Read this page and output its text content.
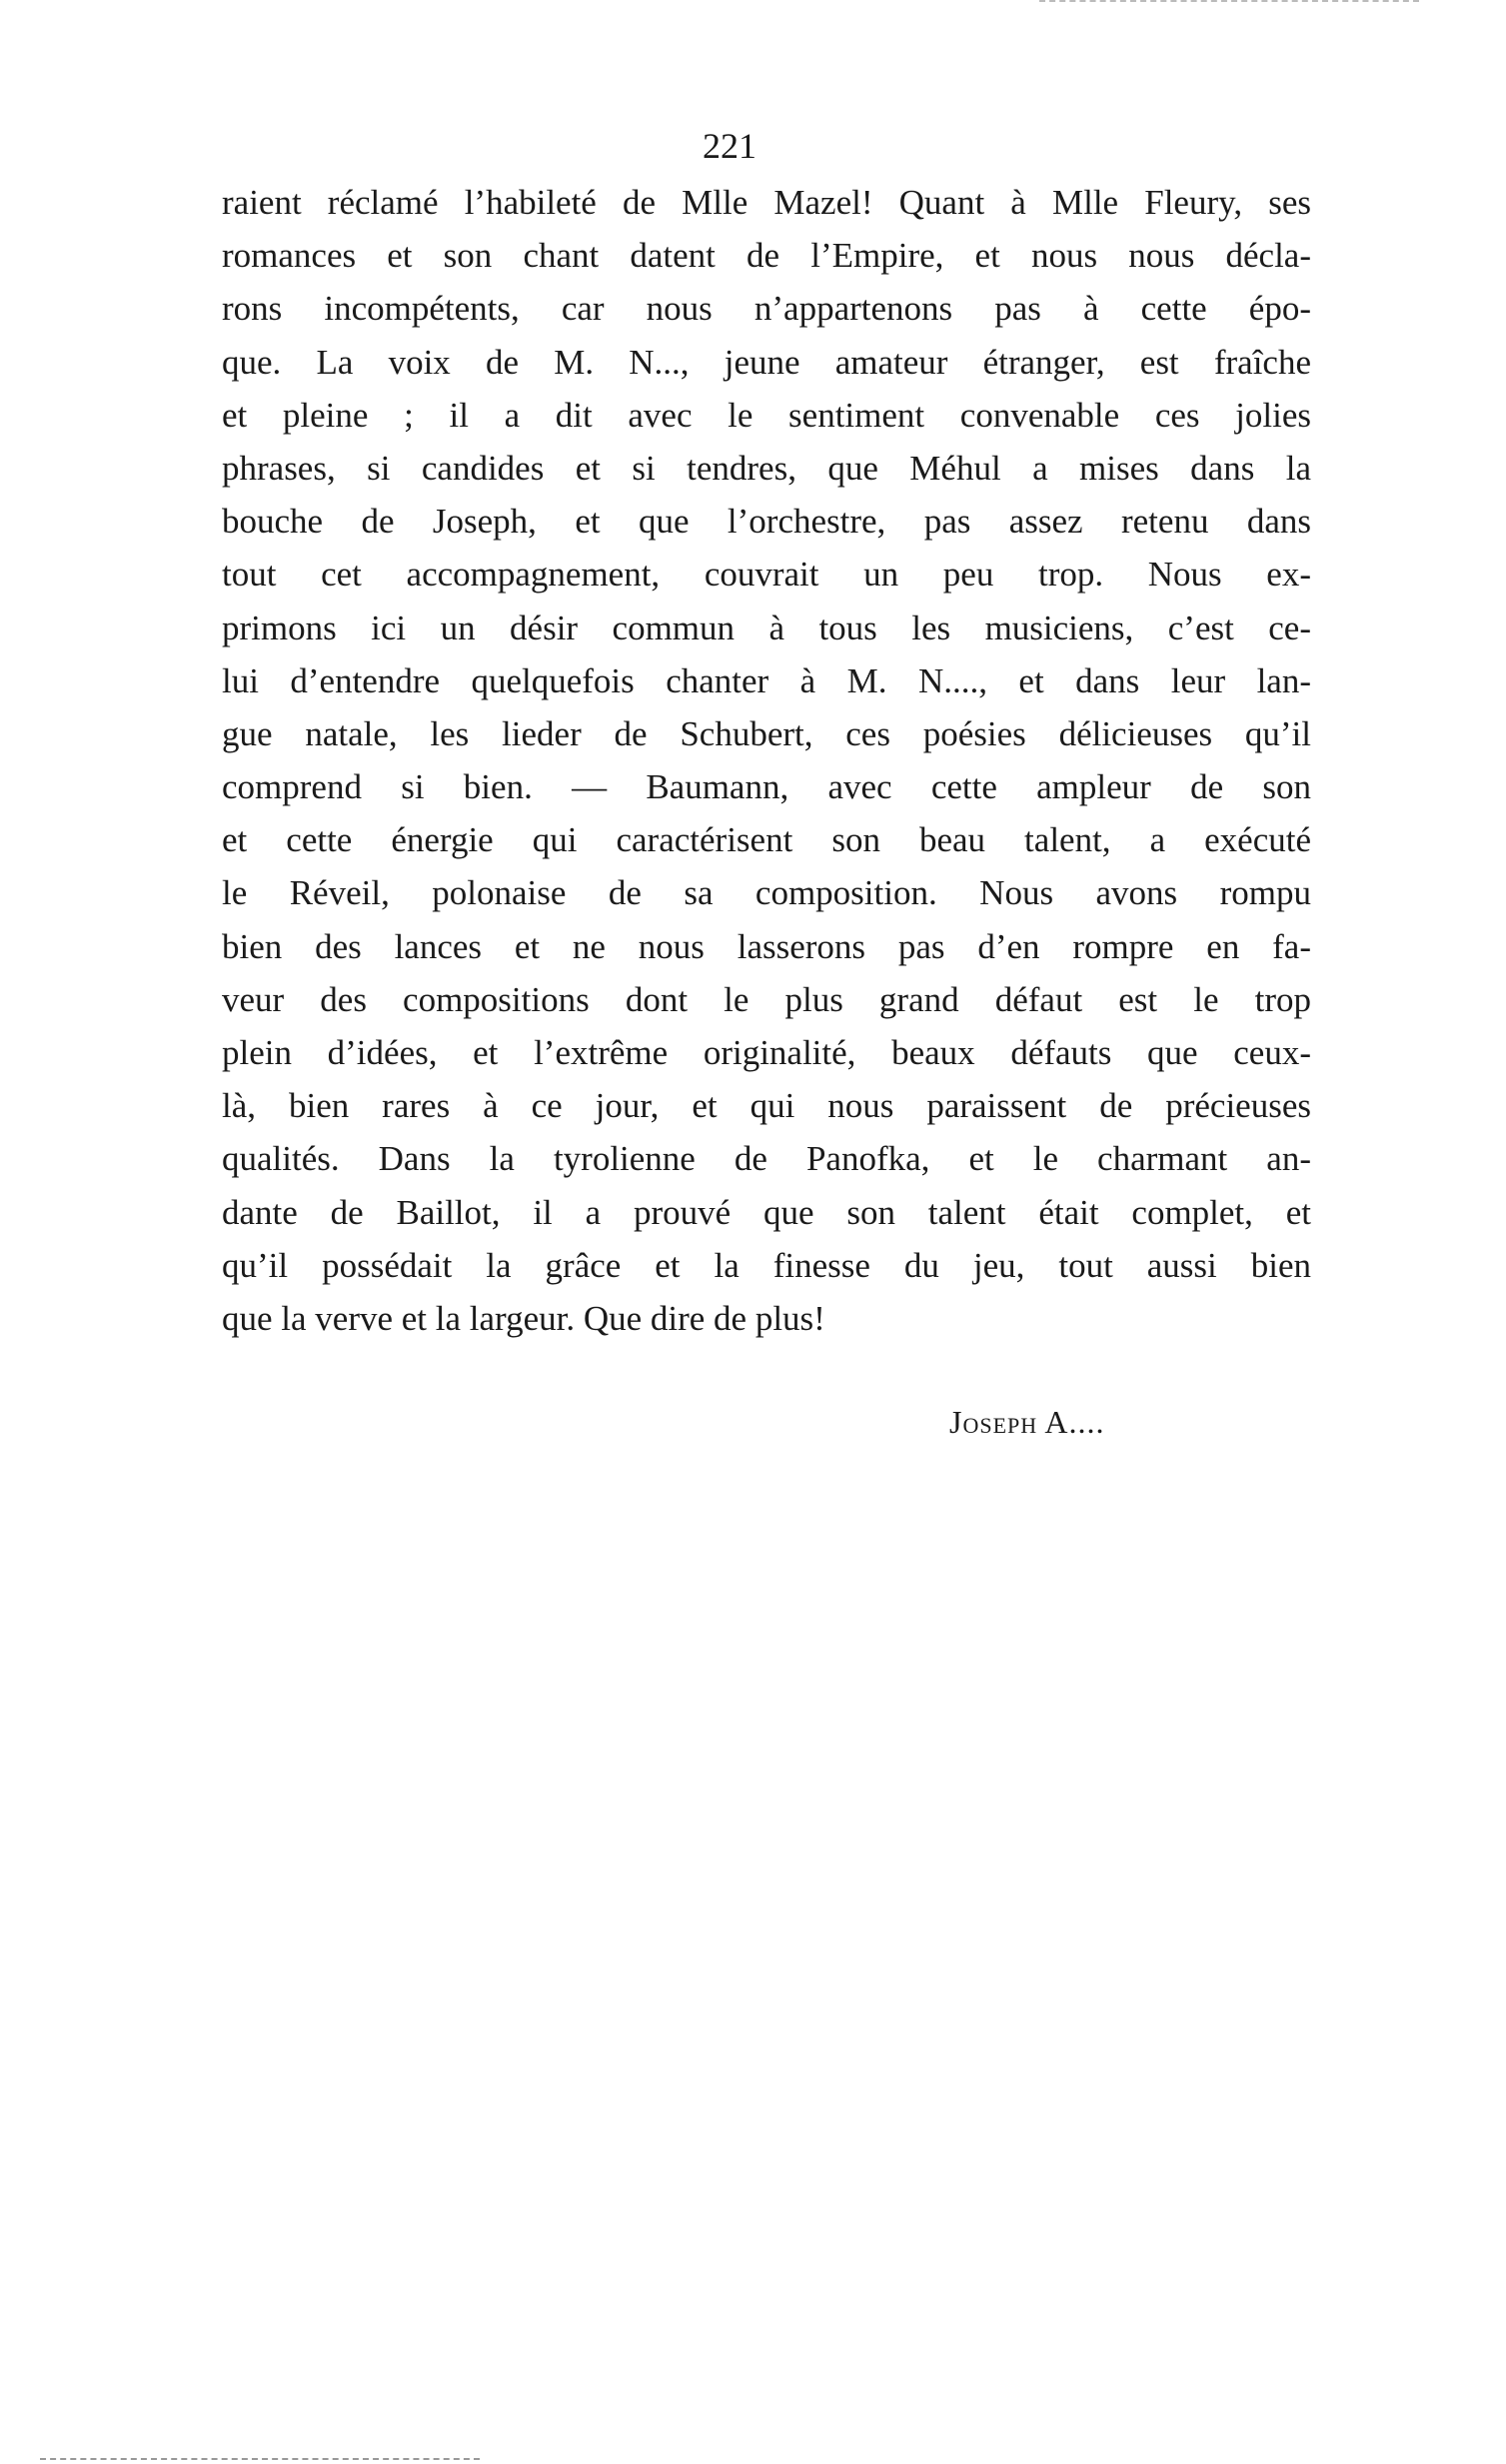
221
raient réclamé l’habileté de Mlle Mazel! Quant à Mlle Fleury, ses
romances et son chant datent de l’Empire, et nous nous décla-
rons incompétents, car nous n’appartenons pas à cette épo-
que. La voix de M. N..., jeune amateur étranger, est fraîche
et pleine ; il a dit avec le sentiment convenable ces jolies
phrases, si candides et si tendres, que Méhul a mises dans la
bouche de Joseph, et que l’orchestre, pas assez retenu dans
tout cet accompagnement, couvrait un peu trop. Nous ex-
primons ici un désir commun à tous les musiciens, c’est ce-
lui d’entendre quelquefois chanter à M. N...., et dans leur lan-
gue natale, les lieder de Schubert, ces poésies délicieuses qu’il
comprend si bien. — Baumann, avec cette ampleur de son
et cette énergie qui caractérisent son beau talent, a exécuté
le Réveil, polonaise de sa composition. Nous avons rompu
bien des lances et ne nous lasserons pas d’en rompre en fa-
veur des compositions dont le plus grand défaut est le trop
plein d’idées, et l’extrême originalité, beaux défauts que ceux-
là, bien rares à ce jour, et qui nous paraissent de précieuses
qualités. Dans la tyrolienne de Panofka, et le charmant an-
dante de Baillot, il a prouvé que son talent était complet, et
qu’il possédait la grâce et la finesse du jeu, tout aussi bien
que la verve et la largeur. Que dire de plus!
Joseph A....
